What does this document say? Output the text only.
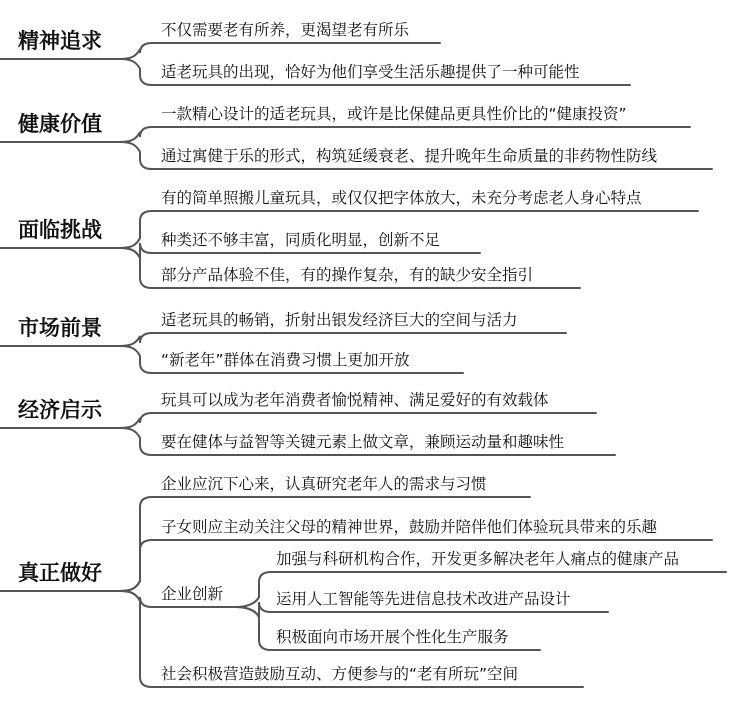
精神追求	不仅需要老有所养，更渴望老有所乐
适老玩具的出现，恰好为他们享受生活乐趣提供了一种可能性
健康价值	一款精心设计的适老玩具，或许是比保健品更具性价比的“健康投资”
通过寓健于乐的形式，构筑延缓衰老、提升晚年生命质量的非药物性防线
面临挑战
有的简单照搬儿童玩具，或仅仅把字体放大，未充分考虑老人身心特点
种类还不够丰富，同质化明显，创新不足
部分产品体验不佳，有的操作复杂，有的缺少安全指引
市场前景	适老玩具的畅销，折射出银发经济巨大的空间与活力
“新老年”群体在消费习惯上更加开放
经济启示	玩具可以成为老年消费者愉悦精神、满足爱好的有效载体
要在健体与益智等关键元素上做文章，兼顾运动量和趣味性
真正做好
企业应沉下心来，认真研究老年人的需求与习惯
子女则应主动关注父母的精神世界，鼓励并陪伴他们体验玩具带来的乐趣
企业创新
加强与科研机构合作，开发更多解决老年人痛点的健康产品
运用人工智能等先进信息技术改进产品设计
积极面向市场开展个性化生产服务
社会积极营造鼓励互动、方便参与的“老有所玩”空间
